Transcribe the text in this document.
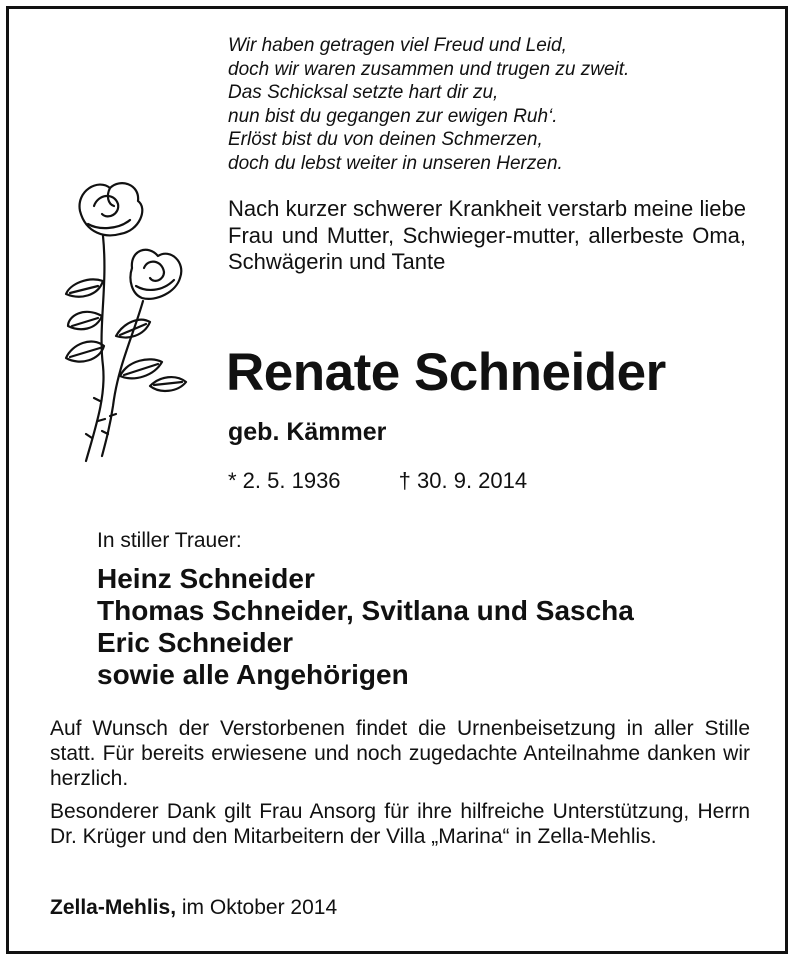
Wir haben getragen viel Freud und Leid,
doch wir waren zusammen und trugen zu zweit.
Das Schicksal setzte hart dir zu,
nun bist du gegangen zur ewigen Ruh‘.
Erlöst bist du von deinen Schmerzen,
doch du lebst weiter in unseren Herzen.
Nach kurzer schwerer Krankheit verstarb meine liebe Frau und Mutter, Schwieger-mutter, allerbeste Oma, Schwägerin und Tante
Renate Schneider
geb. Kämmer
* 2. 5. 1936	† 30. 9. 2014
In stiller Trauer:
Heinz Schneider
Thomas Schneider, Svitlana und Sascha
Eric Schneider
sowie alle Angehörigen
Auf Wunsch der Verstorbenen findet die Urnenbeisetzung in aller Stille statt. Für bereits erwiesene und noch zugedachte Anteilnahme danken wir herzlich.
Besonderer Dank gilt Frau Ansorg für ihre hilfreiche Unterstützung, Herrn Dr. Krüger und den Mitarbeitern der Villa „Marina“ in Zella-Mehlis.
Zella-Mehlis, im Oktober 2014
